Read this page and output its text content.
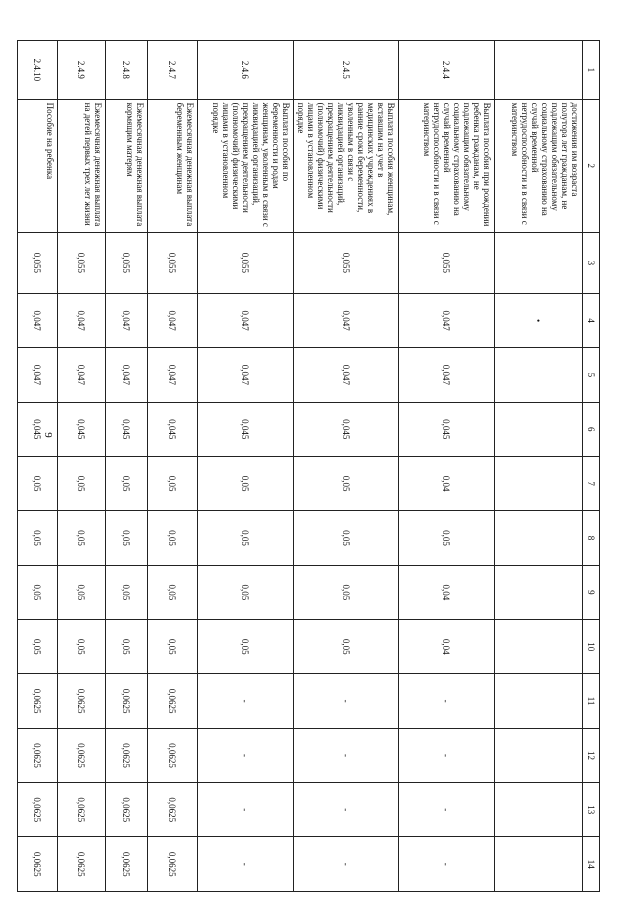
9
1	2	3	4	5	6	7	8	9	10	11	12	13	14
	достижения им возраста полутора лет гражданам, не подлежащим обязательному социальному страхованию на случай временной нетрудоспособности и в связи с материнством		•										
2.4.4	Выплата пособия при рождении ребенка гражданам, не подлежащим обязательному социальному страхованию на случай временной нетрудоспособности и в связи с материнством	0,055	0,047	0,047	0,045	0,04	0,05	0,04	0,04	-	-	-	-
2.4.5	Выплата пособия женщинам, вставшим на учет в медицинских учреждениях в ранние сроки беременности, уволенным в связи с ликвидацией организаций, прекращением деятельности (полномочий) физическими лицами в установленном порядке	0,055	0,047	0,047	0,045	0,05	0,05	0,05	0,05	-	-	-	-
2.4.6	Выплата пособия по беременности и родам женщинам, уволенным в связи с ликвидацией организаций, прекращением деятельности (полномочий) физическими лицами в установленном порядке	0,055	0,047	0,047	0,045	0,05	0,05	0,05	0,05	-	-	-	-
2.4.7	Ежемесячная денежная выплата беременным женщинам	0,055	0,047	0,047	0,045	0,05	0,05	0,05	0,05	0,0625	0,0625	0,0625	0,0625
2.4.8	Ежемесячная денежная выплата кормящим матерям	0,055	0,047	0,047	0,045	0,05	0,05	0,05	0,05	0,0625	0,0625	0,0625	0,0625
2.4.9	Ежемесячная денежная выплата на детей первых трех лет жизни	0,055	0,047	0,047	0,045	0,05	0,05	0,05	0,05	0,0625	0,0625	0,0625	0,0625
2.4.10	Пособие на ребенка	0,055	0,047	0,047	0,045	0,05	0,05	0,05	0,05	0,0625	0,0625	0,0625	0,0625
